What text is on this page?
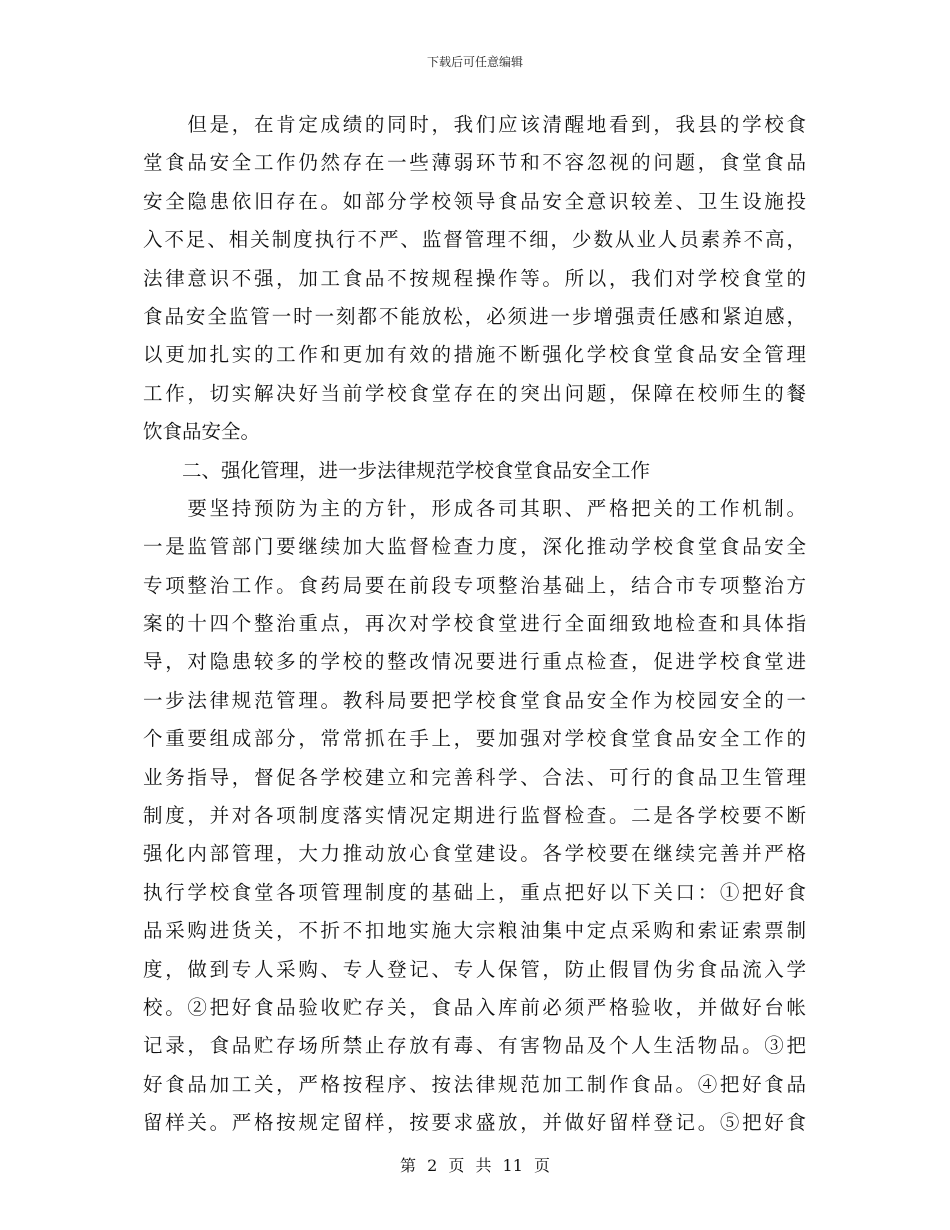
下载后可任意编辑
　　但是，在肯定成绩的同时，我们应该清醒地看到，我县的学校食
堂食品安全工作仍然存在一些薄弱环节和不容忽视的问题，食堂食品
安全隐患依旧存在。如部分学校领导食品安全意识较差、卫生设施投
入不足、相关制度执行不严、监督管理不细，少数从业人员素养不高，
法律意识不强，加工食品不按规程操作等。所以，我们对学校食堂的
食品安全监管一时一刻都不能放松，必须进一步增强责任感和紧迫感，
以更加扎实的工作和更加有效的措施不断强化学校食堂食品安全管理
工作，切实解决好当前学校食堂存在的突出问题，保障在校师生的餐
饮食品安全。
　　二、强化管理，进一步法律规范学校食堂食品安全工作
　　要坚持预防为主的方针，形成各司其职、严格把关的工作机制。
一是监管部门要继续加大监督检查力度，深化推动学校食堂食品安全
专项整治工作。食药局要在前段专项整治基础上，结合市专项整治方
案的十四个整治重点，再次对学校食堂进行全面细致地检查和具体指
导，对隐患较多的学校的整改情况要进行重点检查，促进学校食堂进
一步法律规范管理。教科局要把学校食堂食品安全作为校园安全的一
个重要组成部分，常常抓在手上，要加强对学校食堂食品安全工作的
业务指导，督促各学校建立和完善科学、合法、可行的食品卫生管理
制度，并对各项制度落实情况定期进行监督检查。二是各学校要不断
强化内部管理，大力推动放心食堂建设。各学校要在继续完善并严格
执行学校食堂各项管理制度的基础上，重点把好以下关口：①把好食
品采购进货关，不折不扣地实施大宗粮油集中定点采购和索证索票制
度，做到专人采购、专人登记、专人保管，防止假冒伪劣食品流入学
校。②把好食品验收贮存关，食品入库前必须严格验收，并做好台帐
记录，食品贮存场所禁止存放有毒、有害物品及个人生活物品。③把
好食品加工关，严格按程序、按法律规范加工制作食品。④把好食品
留样关。严格按规定留样，按要求盛放，并做好留样登记。⑤把好食
第 2 页 共 11 页
